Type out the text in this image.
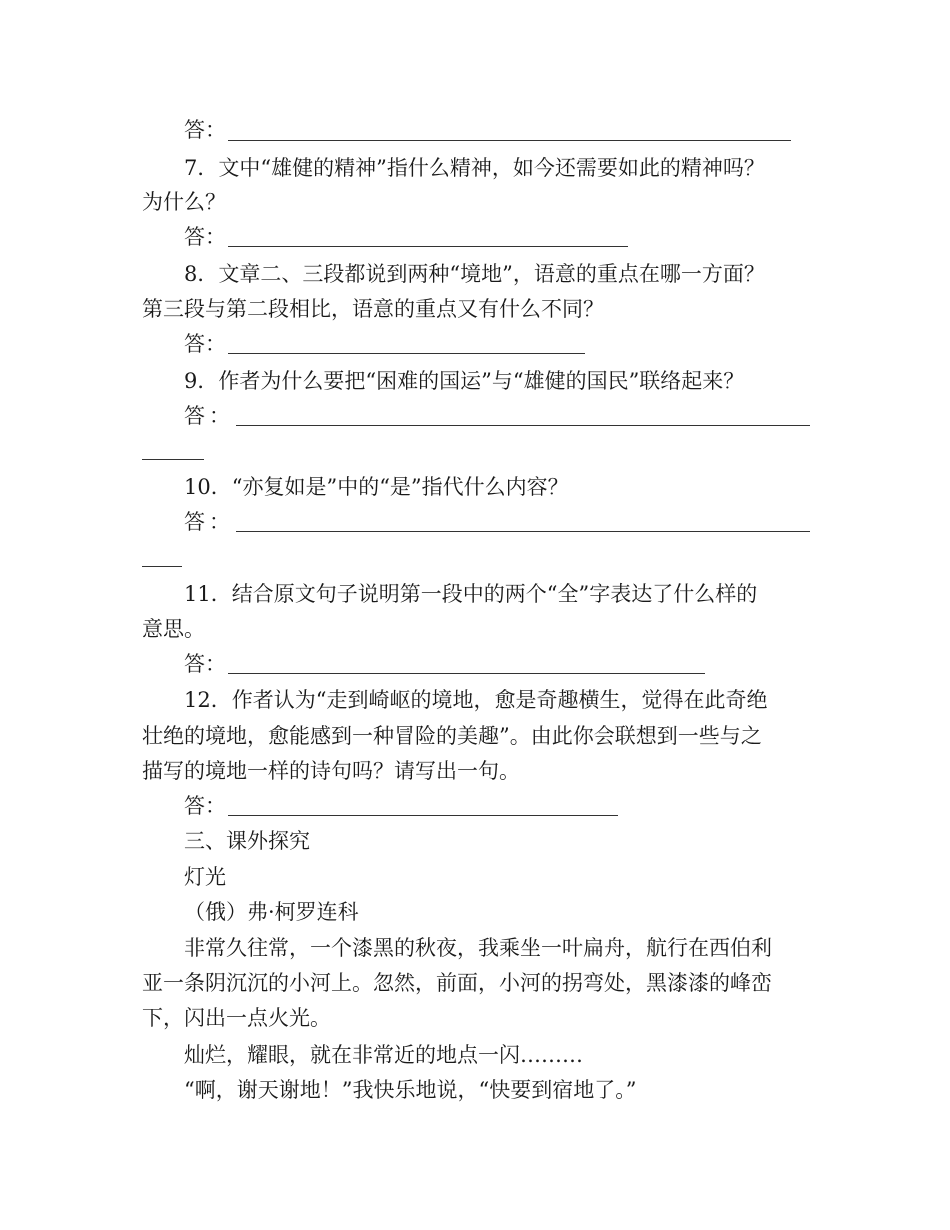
答：
7．文中“雄健的精神”指什么精神，如今还需要如此的精神吗？
为什么？
答：
8．文章二、三段都说到两种“境地”，语意的重点在哪一方面？
第三段与第二段相比，语意的重点又有什么不同？
答：
9．作者为什么要把“困难的国运”与“雄健的国民”联络起来？
答：
10．“亦复如是”中的“是”指代什么内容？
答：
11．结合原文句子说明第一段中的两个“全”字表达了什么样的
意思。
答：
12．作者认为“走到崎岖的境地，愈是奇趣横生，觉得在此奇绝
壮绝的境地，愈能感到一种冒险的美趣”。由此你会联想到一些与之
描写的境地一样的诗句吗？请写出一句。
答：
三、课外探究
灯光
（俄）弗·柯罗连科
非常久往常，一个漆黑的秋夜，我乘坐一叶扁舟，航行在西伯利
亚一条阴沉沉的小河上。忽然，前面，小河的拐弯处，黑漆漆的峰峦
下，闪出一点火光。
灿烂，耀眼，就在非常近的地点一闪………
“啊，谢天谢地！”我快乐地说，“快要到宿地了。”
